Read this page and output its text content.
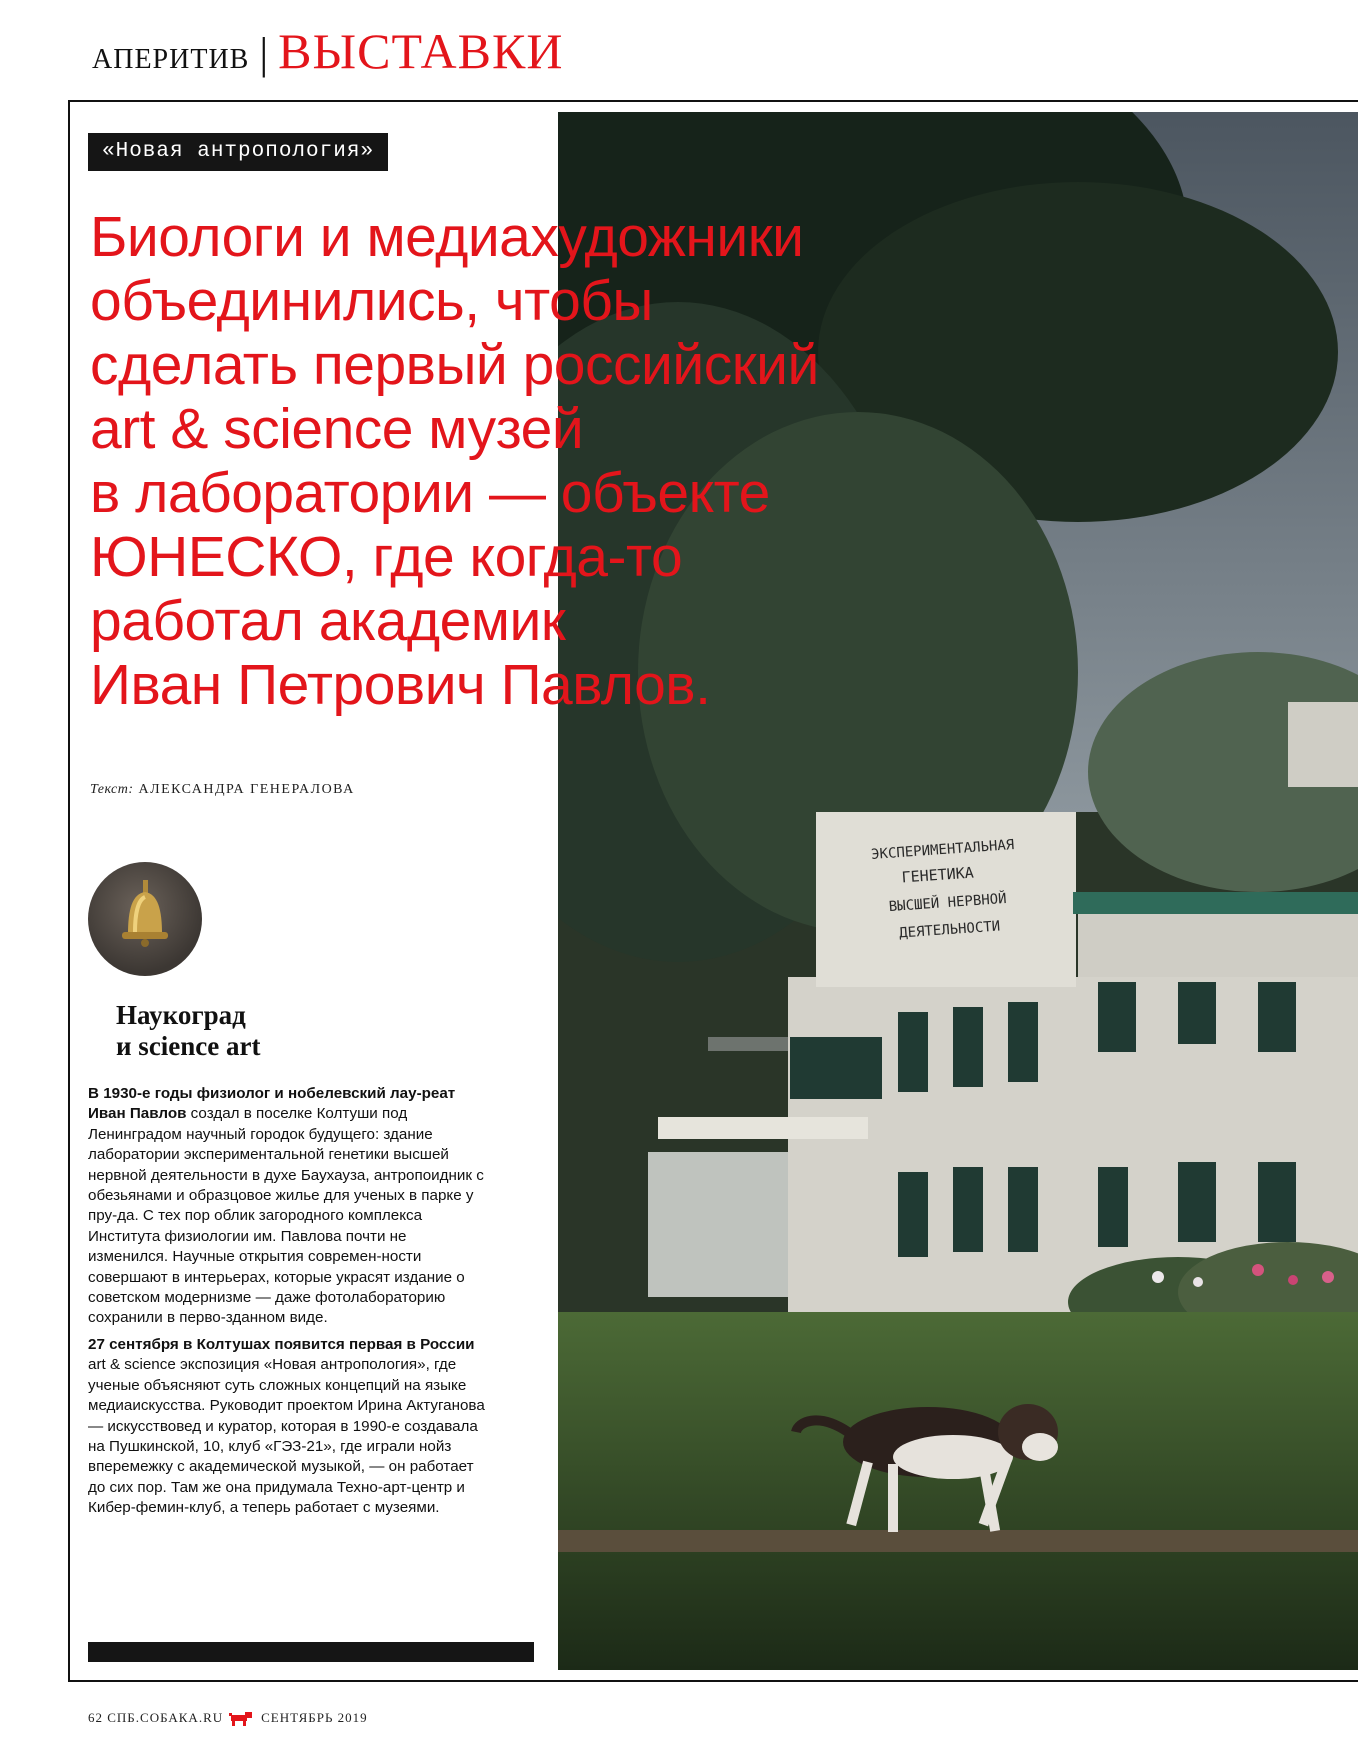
АПЕРИТИВ | ВЫСТАВКИ
ЭКСПЕРИМЕНТАЛЬНАЯ
ГЕНЕТИКА
ВЫСШЕЙ НЕРВНОЙ
ДЕЯТЕЛЬНОСТИ
«Новая антропология»
Биологи и медиахудожники
объединились, чтобы
сделать первый российский
art & science музей
в лаборатории — объекте
ЮНЕСКО, где когда-то
работал академик
Иван Петрович Павлов.
Текст: АЛЕКСАНДРА ГЕНЕРАЛОВА
Наукоград
и science art

В 1930-е годы физиолог и нобелевский лау-реат Иван Павлов создал в поселке Колтуши под Ленинградом научный городок будущего: здание лаборатории экспериментальной генетики высшей нервной деятельности в духе Баухауза, антропоидник с обезьянами и образцовое жилье для ученых в парке у пру-да. С тех пор облик загородного комплекса Института физиологии им. Павлова почти не изменился. Научные открытия современ-ности совершают в интерьерах, которые украсят издание о советском модернизме — даже фотолабораторию сохранили в перво-зданном виде.

27 сентября в Колтушах появится первая в России art & science экспозиция «Новая антропология», где ученые объясняют суть сложных концепций на языке медиаискусства. Руководит проектом Ирина Актуганова — искусствовед и куратор, которая в 1990-е создавала на Пушкинской, 10, клуб «ГЭЗ-21», где играли нойз вперемежку с академической музыкой, — он работает до сих пор. Там же она придумала Техно-арт-центр и Кибер-фемин-клуб, а теперь работает с музеями.

62
СПБ.СОБАКА.RU	СЕНТЯБРЬ 2019
